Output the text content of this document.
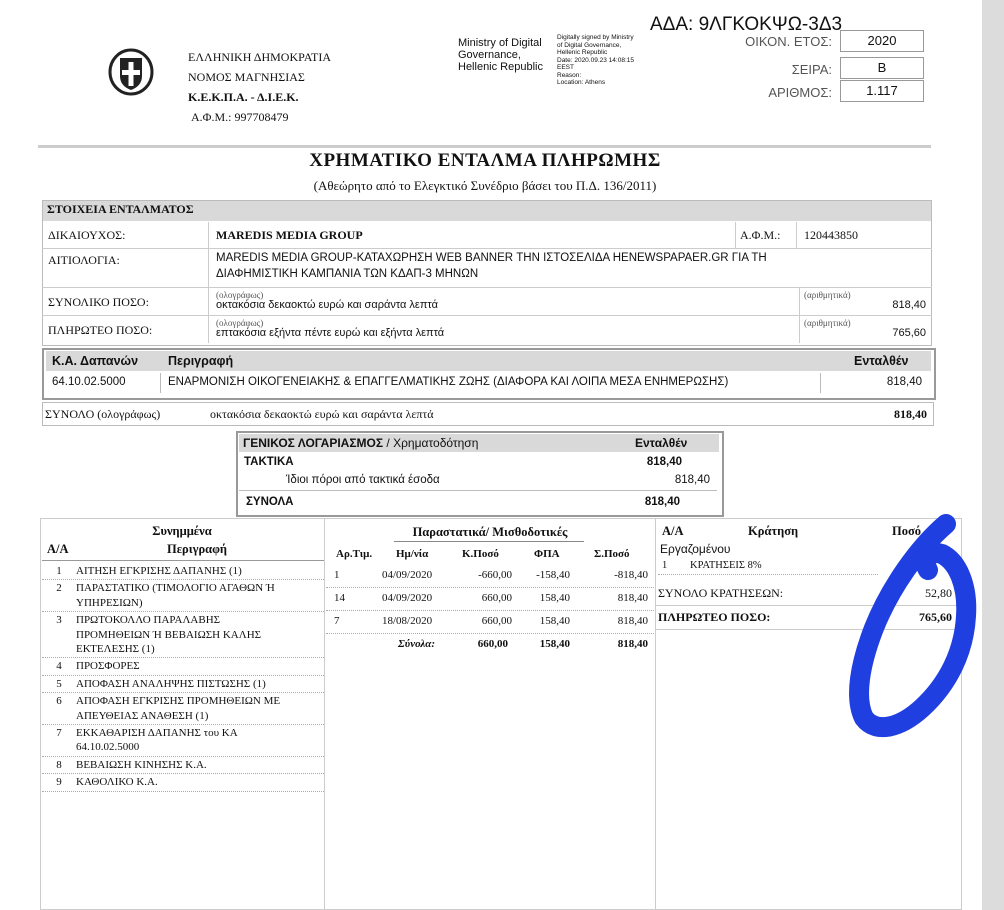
ΕΛΛΗΝΙΚΗ ΔΗΜΟΚΡΑΤΙΑ
ΝΟΜΟΣ ΜΑΓΝΗΣΙΑΣ
Κ.Ε.Κ.Π.Α. - Δ.Ι.Ε.Κ.
Α.Φ.Μ.: 997708479
Ministry of Digital
Governance,
Hellenic Republic
Digitally signed by Ministry
of Digital Governance,
Hellenic Republic
Date: 2020.09.23 14:08:15
EEST
Reason:
Location: Athens
ΑΔΑ: 9ΛΓΚΟΚΨΩ-3Δ3
ΟΙΚΟΝ. ΕΤΟΣ:	2020
ΣΕΙΡΑ:	Β
ΑΡΙΘΜΟΣ:	1.117
ΧΡΗΜΑΤΙΚΟ ΕΝΤΑΛΜΑ ΠΛΗΡΩΜΗΣ
(Αθεώρητο από το Ελεγκτικό Συνέδριο βάσει του Π.Δ. 136/2011)
ΣΤΟΙΧΕΙΑ ΕΝΤΑΛΜΑΤΟΣ
ΔΙΚΑΙΟΥΧΟΣ:	MAREDIS MEDIA GROUP	Α.Φ.Μ.: 120443850
ΑΙΤΙΟΛΟΓΙΑ:	MAREDIS MEDIA GROUP-ΚΑΤΑΧΩΡΗΣΗ WEB BANNER ΤΗΝ ΙΣΤΟΣΕΛΙΔΑ HENEWSPAPAER.GR ΓΙΑ ΤΗ
ΔΙΑΦΗΜΙΣΤΙΚΗ ΚΑΜΠΑΝΙΑ ΤΩΝ ΚΔΑΠ-3 ΜΗΝΩΝ
ΣΥΝΟΛΙΚΟ ΠΟΣΟ:	(ολογράφως)
οκτακόσια δεκαοκτώ ευρώ και σαράντα λεπτά
(αριθμητικά)
818,40
ΠΛΗΡΩΤΕΟ ΠΟΣΟ:	(ολογράφως)
επτακόσια εξήντα πέντε ευρώ και εξήντα λεπτά
(αριθμητικά)
765,60
Κ.Α. Δαπανών Περιγραφή	Ενταλθέν
64.10.02.5000	ΕΝΑΡΜΟΝΙΣΗ ΟΙΚΟΓΕΝΕΙΑΚΗΣ & ΕΠΑΓΓΕΛΜΑΤΙΚΗΣ ΖΩΗΣ (ΔΙΑΦΟΡΑ ΚΑΙ ΛΟΙΠΑ ΜΕΣΑ ΕΝΗΜΕΡΩΣΗΣ)	818,40
ΣΥΝΟΛΟ (ολογράφως)	οκτακόσια δεκαοκτώ ευρώ και σαράντα λεπτά	818,40
ΓΕΝΙΚΟΣ ΛΟΓΑΡΙΑΣΜΟΣ / Χρηματοδότηση	Ενταλθέν
ΤΑΚΤΙΚΑ	818,40
Ίδιοι πόροι από τακτικά έσοδα	818,40
ΣΥΝΟΛΑ	818,40
Συνημμένα
Α/Α	Περιγραφή
1	ΑΙΤΗΣΗ ΕΓΚΡΙΣΗΣ ΔΑΠΑΝΗΣ (1)
2	ΠΑΡΑΣΤΑΤΙΚΟ (ΤΙΜΟΛΟΓΙΟ ΑΓΑΘΩΝ Ή
ΥΠΗΡΕΣΙΩΝ)
3	ΠΡΩΤΟΚΟΛΛΟ ΠΑΡΑΛΑΒΗΣ
ΠΡΟΜΗΘΕΙΩΝ Ή ΒΕΒΑΙΩΣΗ ΚΑΛΗΣ
ΕΚΤΕΛΕΣΗΣ (1)
4	ΠΡΟΣΦΟΡΕΣ
5	ΑΠΟΦΑΣΗ ΑΝΑΛΗΨΗΣ ΠΙΣΤΩΣΗΣ (1)
6	ΑΠΟΦΑΣΗ ΕΓΚΡΙΣΗΣ ΠΡΟΜΗΘΕΙΩΝ ΜΕ
ΑΠΕΥΘΕΙΑΣ ΑΝΑΘΕΣΗ (1)
7	ΕΚΚΑΘΑΡΙΣΗ ΔΑΠΑΝΗΣ του ΚΑ
64.10.02.5000
8	ΒΕΒΑΙΩΣΗ ΚΙΝΗΣΗΣ Κ.Α.
9	ΚΑΘΟΛΙΚΟ Κ.Α.
Παραστατικά/ Μισθοδοτικές
Αρ.Τιμ. Ημ/νία	Κ.Ποσό	ΦΠΑ	Σ.Ποσό
1	04/09/2020	-660,00	-158,40	-818,40
14	04/09/2020	660,00	158,40	818,40
7	18/08/2020	660,00	158,40	818,40
Σύνολα:	660,00	158,40	818,40
Α/Α	Κράτηση	Ποσό
Εργαζομένου
1 ΚΡΑΤΗΣΕΙΣ 8%
ΣΥΝΟΛΟ ΚΡΑΤΗΣΕΩΝ:	52,80
ΠΛΗΡΩΤΕΟ ΠΟΣΟ:	765,60
